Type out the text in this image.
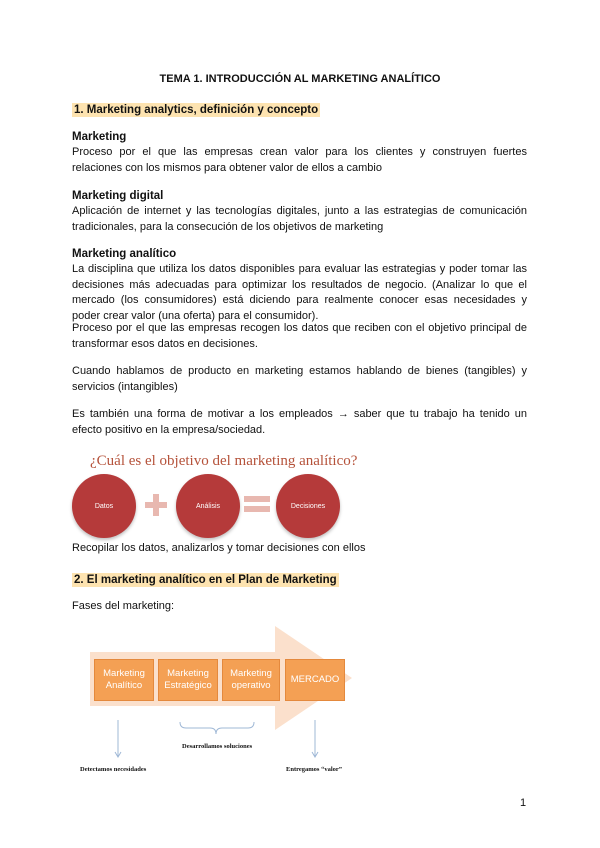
TEMA 1. INTRODUCCIÓN AL MARKETING ANALÍTICO
1. Marketing analytics, definición y concepto
Marketing
Proceso por el que las empresas crean valor para los clientes y construyen fuertes relaciones con los mismos para obtener valor de ellos a cambio
Marketing digital
Aplicación de internet y las tecnologías digitales, junto a las estrategias de comunicación tradicionales, para la consecución de los objetivos de marketing
Marketing analítico
La disciplina que utiliza los datos disponibles para evaluar las estrategias y poder tomar las decisiones más adecuadas para optimizar los resultados de negocio. (Analizar lo que el mercado (los consumidores) está diciendo para realmente conocer esas necesidades y poder crear valor (una oferta) para el consumidor).
Proceso por el que las empresas recogen los datos que reciben con el objetivo principal de transformar esos datos en decisiones.
Cuando hablamos de producto en marketing estamos hablando de bienes (tangibles) y servicios (intangibles)
Es también una forma de motivar a los empleados → saber que tu trabajo ha tenido un efecto positivo en la empresa/sociedad.
¿Cuál es el objetivo del marketing analítico?
Datos	Análisis	Decisiones
Recopilar los datos, analizarlos y tomar decisiones con ellos
2. El marketing analítico en el Plan de Marketing
Fases del marketing:
Marketing Analítico
Marketing Estratégico
Marketing operativo
MERCADO
Desarrollamos soluciones
Detectamos necesidades	Entregamos “valor”
1
